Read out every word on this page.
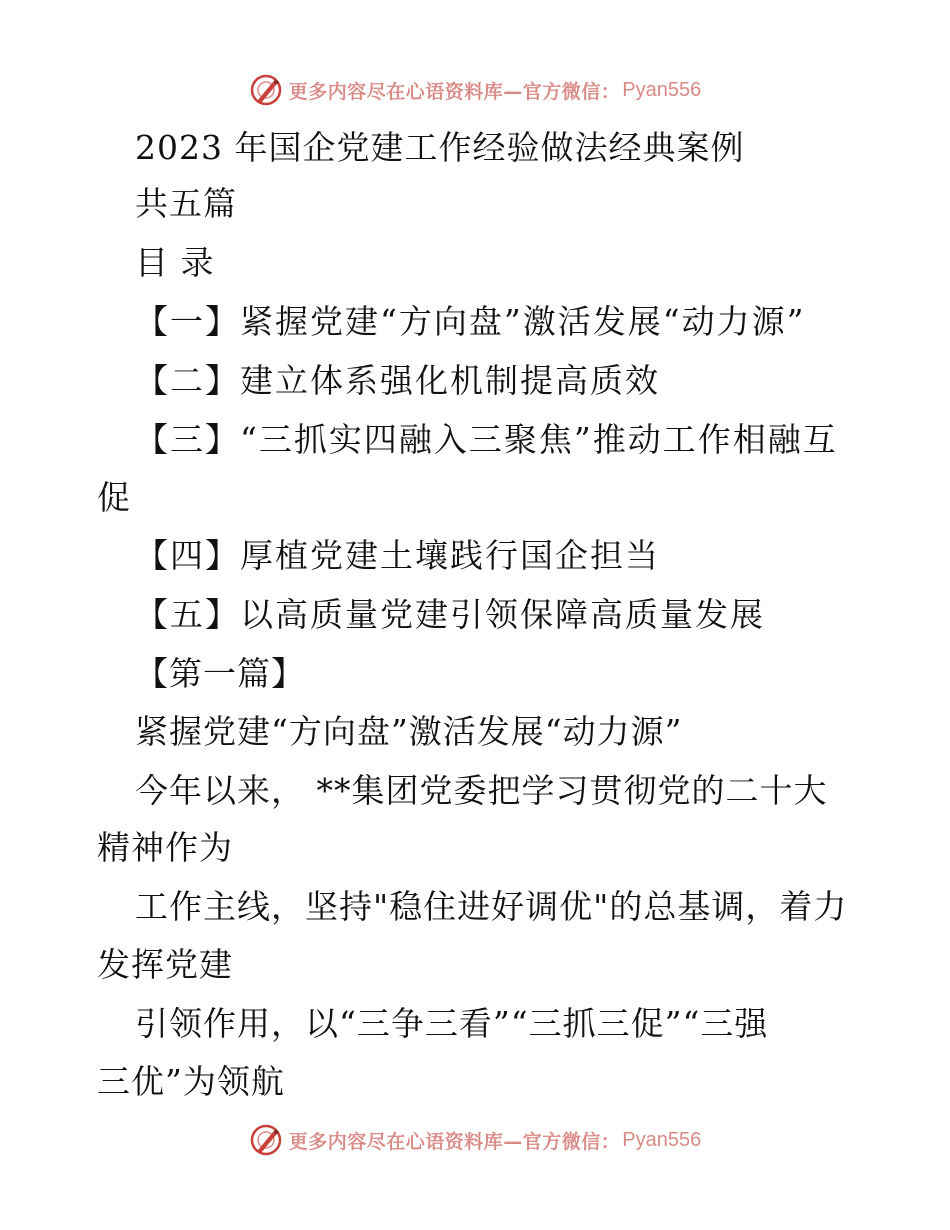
更多内容尽在心语资料库—官方微信： Pyan556
2023 年国企党建工作经验做法经典案例
共五篇
目 录
【一】紧握党建“方向盘”激活发展“动力源”
【二】建立体系强化机制提高质效
【三】“三抓实四融入三聚焦”推动工作相融互
促
【四】厚植党建土壤践行国企担当
【五】以高质量党建引领保障高质量发展
【第一篇】
紧握党建“方向盘”激活发展“动力源”
今年以来， **集团党委把学习贯彻党的二十大
精神作为
工作主线，坚持"稳住进好调优"的总基调，着力
发挥党建
引领作用，以“三争三看”“三抓三促”“三强
三优”为领航
更多内容尽在心语资料库—官方微信： Pyan556
